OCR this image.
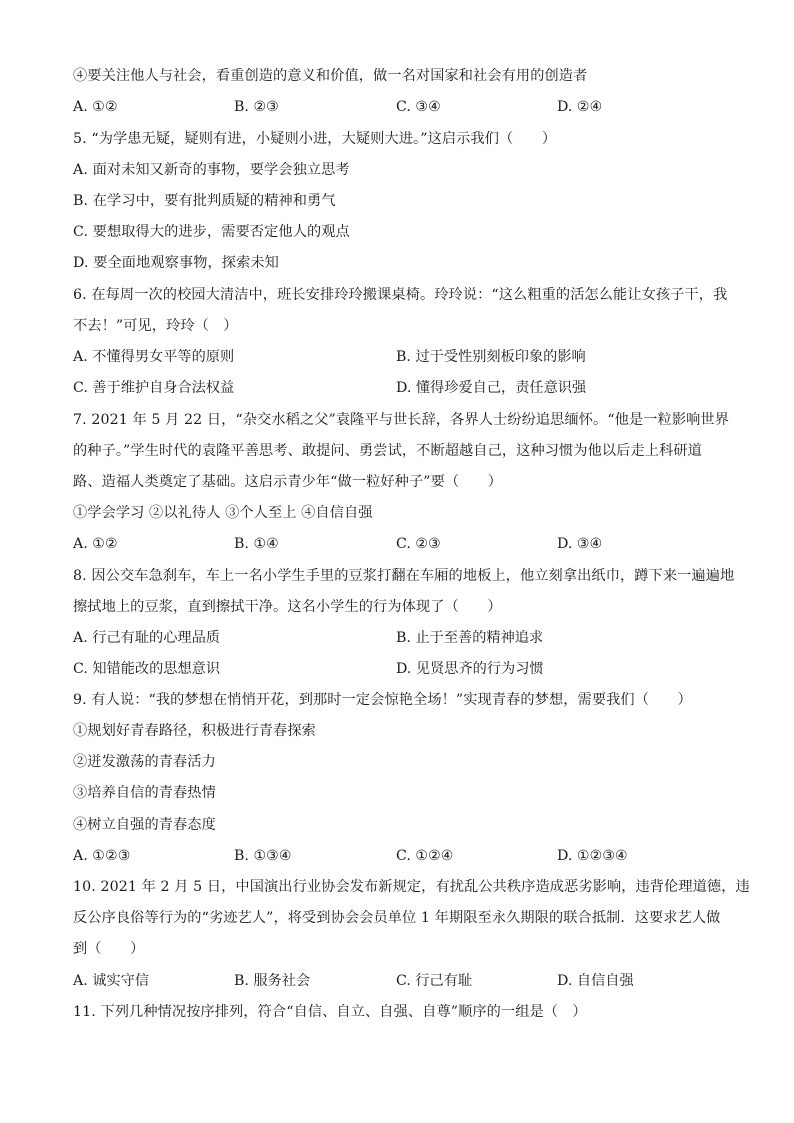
④要关注他人与社会，看重创造的意义和价值，做一名对国家和社会有用的创造者
A. ①②	B. ②③	C. ③④	D. ②④
5. “为学患无疑，疑则有进，小疑则小进，大疑则大进。”这启示我们（　　）
A. 面对未知又新奇的事物，要学会独立思考
B. 在学习中，要有批判质疑的精神和勇气
C. 要想取得大的进步，需要否定他人的观点
D. 要全面地观察事物，探索未知
6. 在每周一次的校园大清洁中，班长安排玲玲搬课桌椅。玲玲说：“这么粗重的活怎么能让女孩子干，我
不去！”可见，玲玲（　）
A. 不懂得男女平等的原则	B. 过于受性别刻板印象的影响
C. 善于维护自身合法权益	D. 懂得珍爱自己，责任意识强
7. 2021 年 5 月 22 日，“杂交水稻之父”袁隆平与世长辞，各界人士纷纷追思缅怀。“他是一粒影响世界
的种子。”学生时代的袁隆平善思考、敢提问、勇尝试，不断超越自己，这种习惯为他以后走上科研道
路、造福人类奠定了基础。这启示青少年“做一粒好种子”要（　　）
①学会学习 ②以礼待人 ③个人至上 ④自信自强
A. ①②	B. ①④	C. ②③	D. ③④
8. 因公交车急刹车，车上一名小学生手里的豆浆打翻在车厢的地板上，他立刻拿出纸巾，蹲下来一遍遍地
擦拭地上的豆浆，直到擦拭干净。这名小学生的行为体现了（　　）
A. 行己有耻的心理品质	B. 止于至善的精神追求
C. 知错能改的思想意识	D. 见贤思齐的行为习惯
9. 有人说：“我的梦想在悄悄开花，到那时一定会惊艳全场！”实现青春的梦想，需要我们（　　）
①规划好青春路径，积极进行青春探索
②迸发激荡的青春活力
③培养自信的青春热情
④树立自强的青春态度
A. ①②③	B. ①③④	C. ①②④	D. ①②③④
10. 2021 年 2 月 5 日，中国演出行业协会发布新规定，有扰乱公共秩序造成恶劣影响，违背伦理道德，违
反公序良俗等行为的“劣迹艺人”，将受到协会会员单位 1 年期限至永久期限的联合抵制．这要求艺人做
到（　　）
A. 诚实守信	B. 服务社会	C. 行己有耻	D. 自信自强
11. 下列几种情况按序排列，符合“自信、自立、自强、自尊”顺序的一组是（　）
